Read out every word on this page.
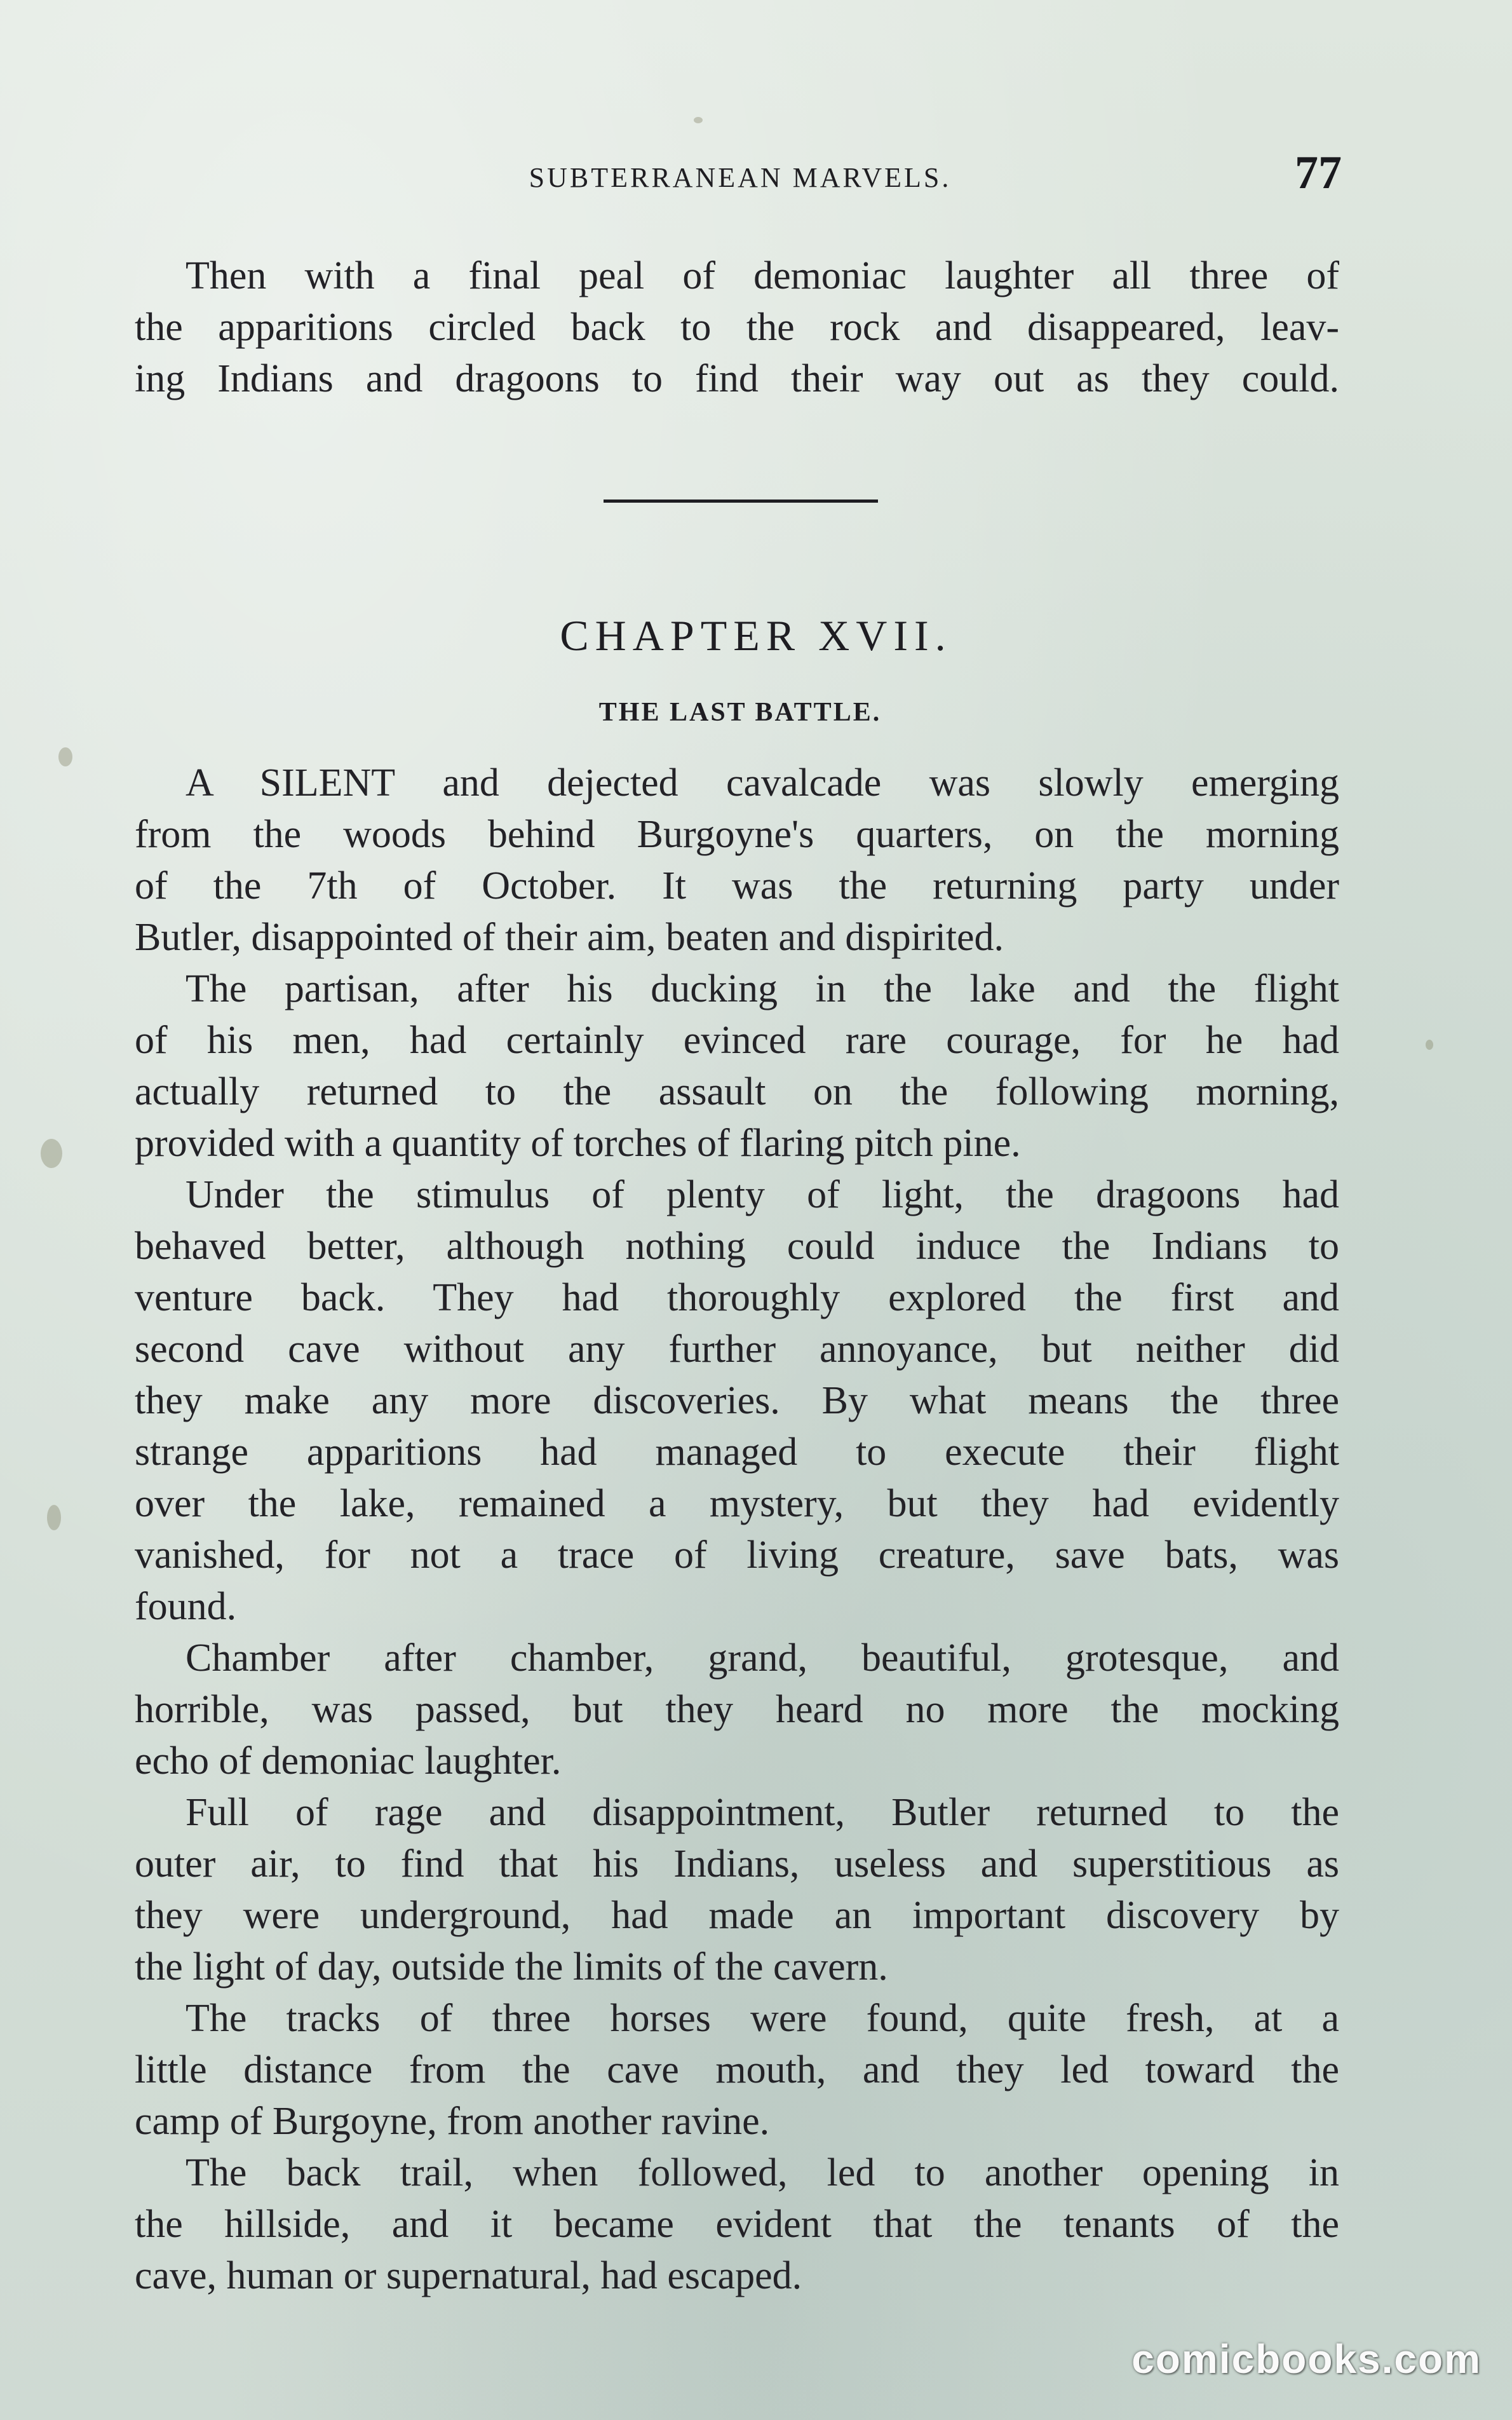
SUBTERRANEAN MARVELS.	77
Then with a final peal of demoniac laughter all three of
the apparitions circled back to the rock and disappeared, leav-
ing Indians and dragoons to find their way out as they could.
CHAPTER XVII.
THE LAST BATTLE.
A SILENT and dejected cavalcade was slowly emerging
from the woods behind Burgoyne's quarters, on the morning
of the 7th of October. It was the returning party under
Butler, disappointed of their aim, beaten and dispirited.
The partisan, after his ducking in the lake and the flight
of his men, had certainly evinced rare courage, for he had
actually returned to the assault on the following morning,
provided with a quantity of torches of flaring pitch pine.
Under the stimulus of plenty of light, the dragoons had
behaved better, although nothing could induce the Indians to
venture back. They had thoroughly explored the first and
second cave without any further annoyance, but neither did
they make any more discoveries. By what means the three
strange apparitions had managed to execute their flight
over the lake, remained a mystery, but they had evidently
vanished, for not a trace of living creature, save bats, was
found.
Chamber after chamber, grand, beautiful, grotesque, and
horrible, was passed, but they heard no more the mocking
echo of demoniac laughter.
Full of rage and disappointment, Butler returned to the
outer air, to find that his Indians, useless and superstitious as
they were underground, had made an important discovery by
the light of day, outside the limits of the cavern.
The tracks of three horses were found, quite fresh, at a
little distance from the cave mouth, and they led toward the
camp of Burgoyne, from another ravine.
The back trail, when followed, led to another opening in
the hillside, and it became evident that the tenants of the
cave, human or supernatural, had escaped.
comicbooks.com
